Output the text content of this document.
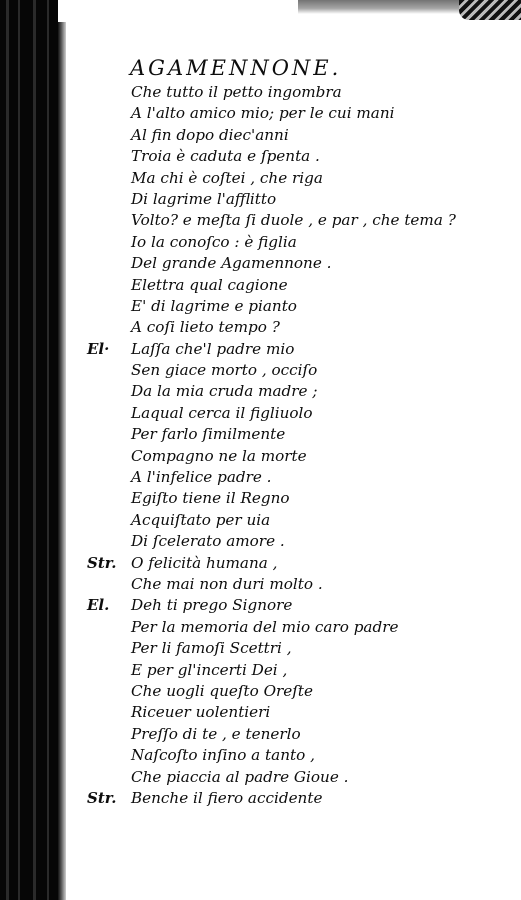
AGAMENNONE.
Che tutto il petto ingombra
A l'alto amico mio; per le cui mani
Al fin dopo diec'anni
Troia è caduta e ſpenta .
Ma chi è coſtei , che riga
Di lagrime l'afflitto
Volto? e meſta ſi duole , e par , che tema ?
Io la conoſco : è figlia
Del grande Agamennone .
Elettra qual cagione
E' di lagrime e pianto
A coſi lieto tempo ?
El· Laſſa che'l padre mio
Sen giace morto , occiſo
Da la mia cruda madre ;
Laqual cerca il figliuolo
Per farlo ſimilmente
Compagno ne la morte
A l'infelice padre .
Egiſto tiene il Regno
Acquiſtato per uia
Di ſcelerato amore .
Str. O felicità humana ,
Che mai non duri molto .
El. Deh ti prego Signore
Per la memoria del mio caro padre
Per li famoſi Scettri ,
E per gl'incerti Dei ,
Che uogli queſto Oreſte
Riceuer uolentieri
Preſſo di te , e tenerlo
Naſcoſto inſino a tanto ,
Che piaccia al padre Gioue .
Str. Benche il fiero accidente
